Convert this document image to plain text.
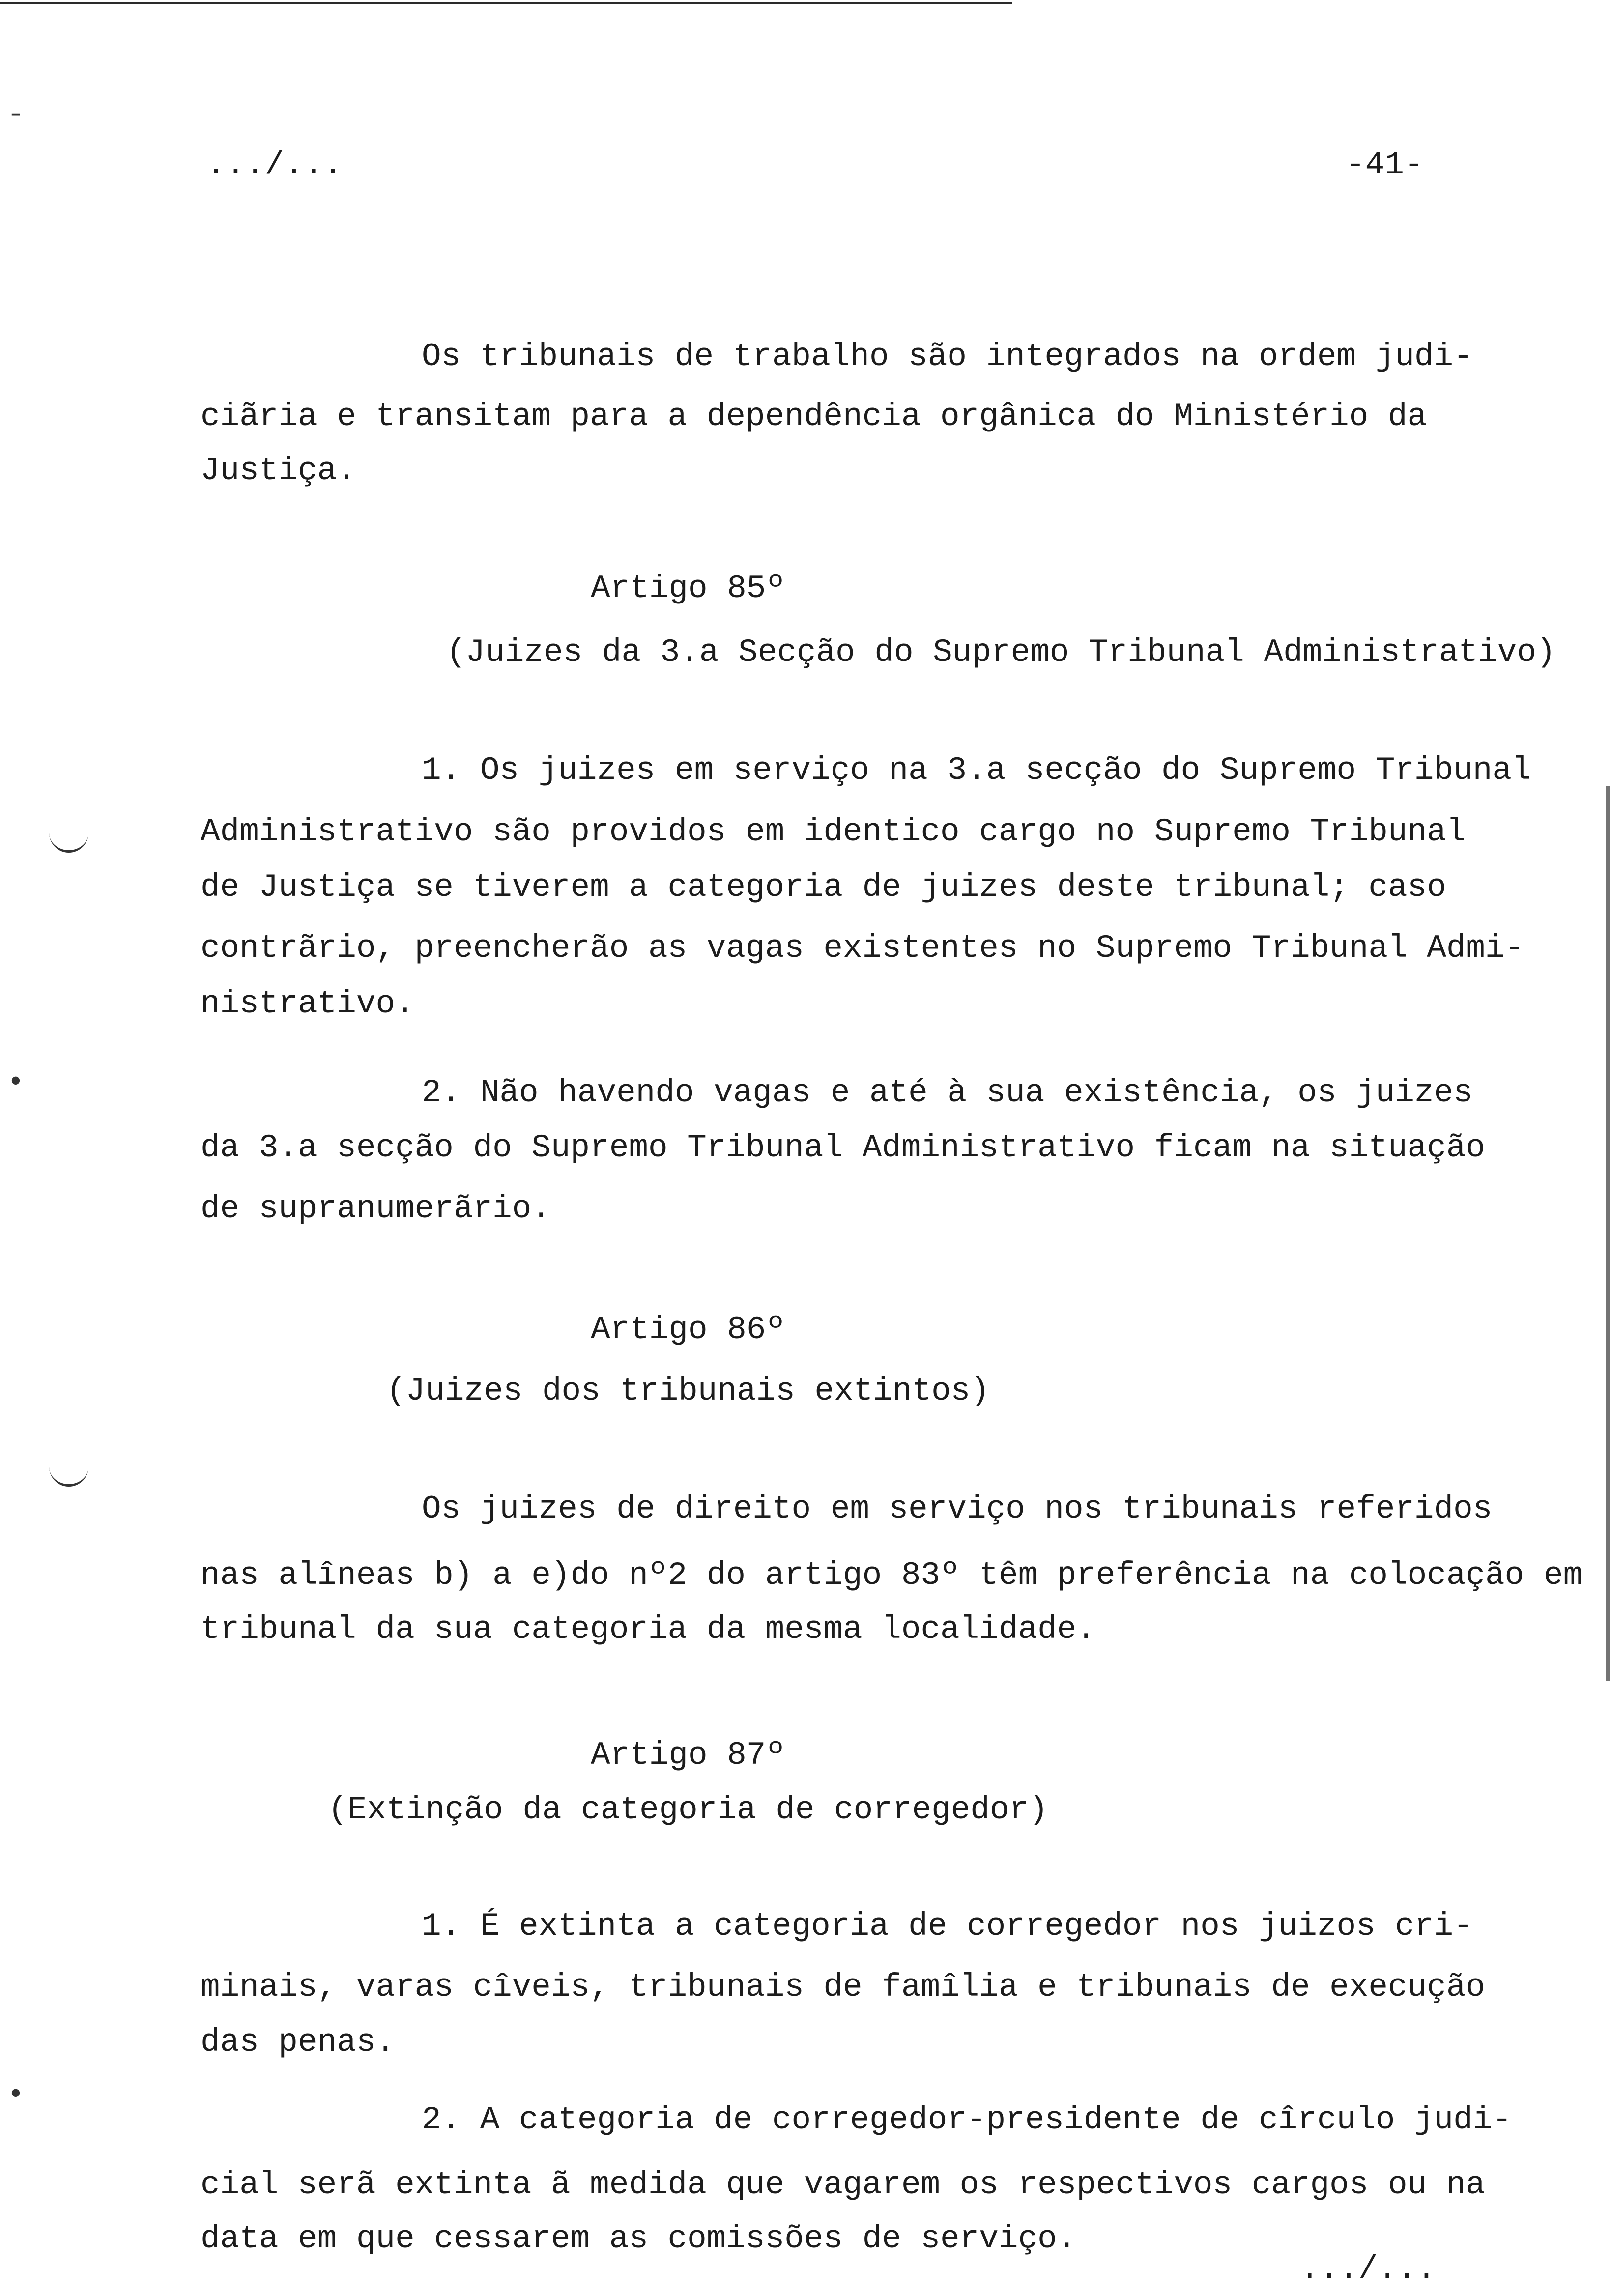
-
•
•
.../...	-41-
Os tribunais de trabalho são integrados na ordem judi-
ciãria e transitam para a dependência orgânica do Ministério da
Justiça.
Artigo 85º
(Juizes da 3.a Secção do Supremo Tribunal Administrativo)
1. Os juizes em serviço na 3.a secção do Supremo Tribunal
Administrativo são providos em identico cargo no Supremo Tribunal
de Justiça se tiverem a categoria de juizes deste tribunal; caso
contrãrio, preencherão as vagas existentes no Supremo Tribunal Admi-
nistrativo.
2. Não havendo vagas e até à sua existência, os juizes
da 3.a secção do Supremo Tribunal Administrativo ficam na situação
de supranumerãrio.
Artigo 86º
(Juizes dos tribunais extintos)
Os juizes de direito em serviço nos tribunais referidos
nas alîneas b) a e)do nº2 do artigo 83º têm preferência na colocação em
tribunal da sua categoria da mesma localidade.
Artigo 87º
(Extinção da categoria de corregedor)
1. É extinta a categoria de corregedor nos juizos cri-
minais, varas cîveis, tribunais de famîlia e tribunais de execução
das penas.
2. A categoria de corregedor-presidente de cîrculo judi-
cial serã extinta ã medida que vagarem os respectivos cargos ou na
data em que cessarem as comissões de serviço.
.../...
